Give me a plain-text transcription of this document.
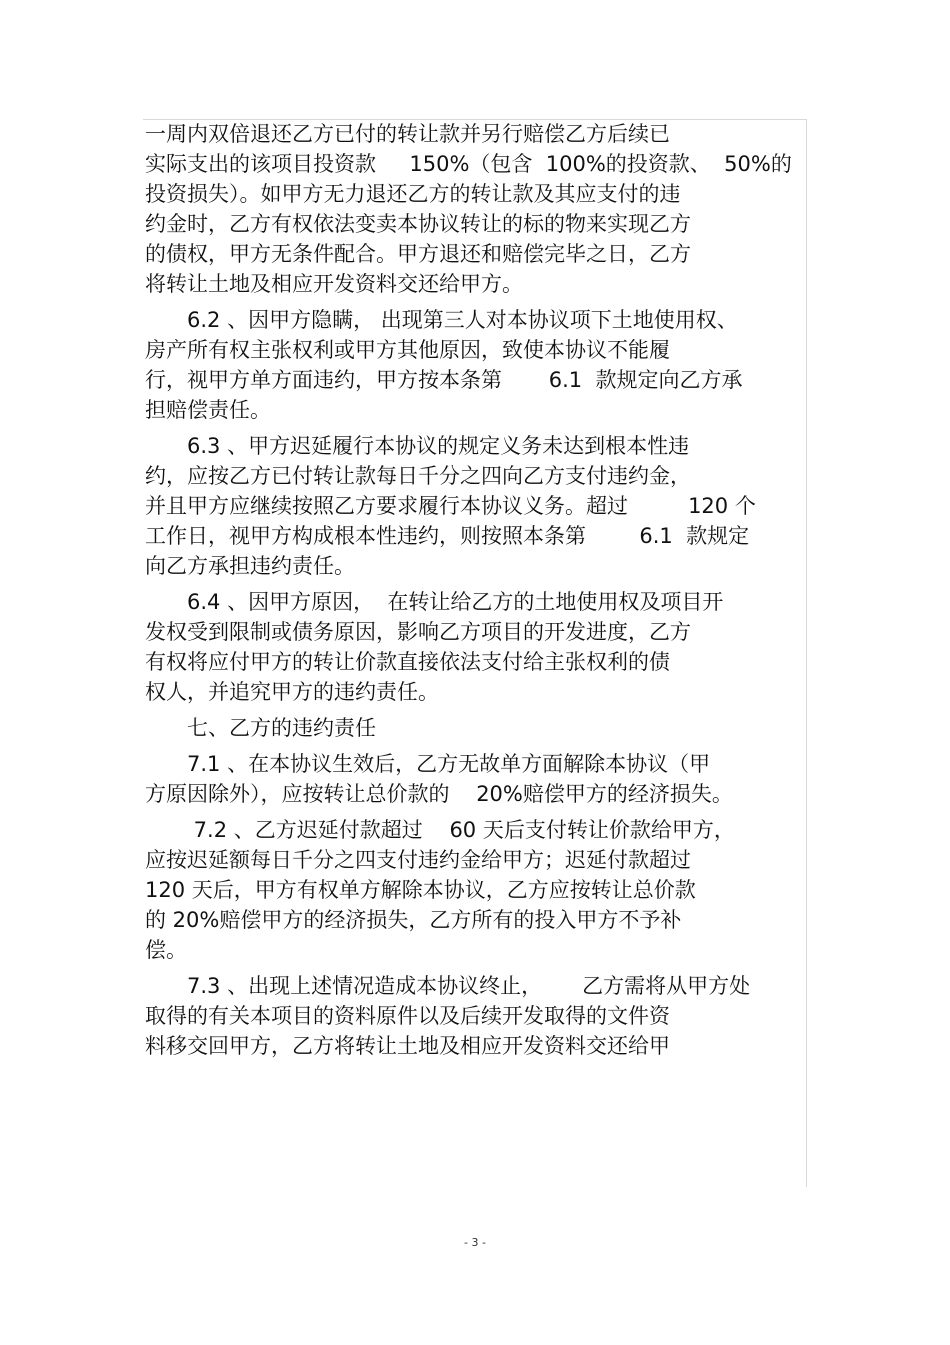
一周内双倍退还乙方已付的转让款并另行赔偿乙方后续已
实际支出的该项目投资款     150%（包含  100%的投资款、  50%的
投资损失）。如甲方无力退还乙方的转让款及其应支付的违
约金时，乙方有权依法变卖本协议转让的标的物来实现乙方
的债权，甲方无条件配合。甲方退还和赔偿完毕之日，乙方
将转让土地及相应开发资料交还给甲方。
6.2 、因甲方隐瞒， 出现第三人对本协议项下土地使用权、
房产所有权主张权利或甲方其他原因，致使本协议不能履
行，视甲方单方面违约，甲方按本条第       6.1  款规定向乙方承
担赔偿责任。
6.3 、甲方迟延履行本协议的规定义务未达到根本性违
约，应按乙方已付转让款每日千分之四向乙方支付违约金，
并且甲方应继续按照乙方要求履行本协议义务。超过         120 个
工作日，视甲方构成根本性违约，则按照本条第        6.1  款规定
向乙方承担违约责任。
6.4 、因甲方原因，  在转让给乙方的土地使用权及项目开
发权受到限制或债务原因，影响乙方项目的开发进度，乙方
有权将应付甲方的转让价款直接依法支付给主张权利的债
权人，并追究甲方的违约责任。
七、乙方的违约责任
7.1 、在本协议生效后，乙方无故单方面解除本协议（甲
方原因除外），应按转让总价款的    20%赔偿甲方的经济损失。
7.2 、乙方迟延付款超过    60 天后支付转让价款给甲方，
应按迟延额每日千分之四支付违约金给甲方；迟延付款超过
120 天后，甲方有权单方解除本协议，乙方应按转让总价款
的 20%赔偿甲方的经济损失，乙方所有的投入甲方不予补
偿。
7.3 、出现上述情况造成本协议终止，      乙方需将从甲方处
取得的有关本项目的资料原件以及后续开发取得的文件资
料移交回甲方，乙方将转让土地及相应开发资料交还给甲
- 3 -
